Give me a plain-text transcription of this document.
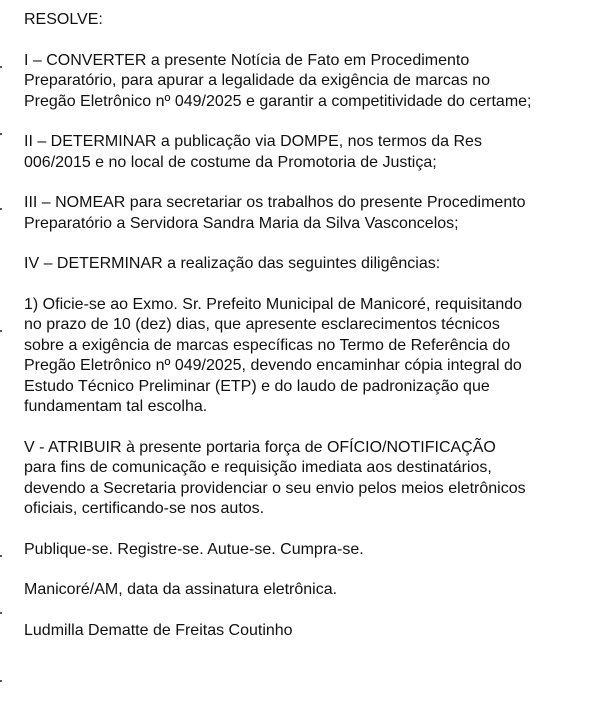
RESOLVE:

I – CONVERTER a presente Notícia de Fato em Procedimento

Preparatório, para apurar a legalidade da exigência de marcas no

Pregão Eletrônico nº 049/2025 e garantir a competitividade do certame;

II – DETERMINAR a publicação via DOMPE, nos termos da Res

006/2015 e no local de costume da Promotoria de Justiça;

III – NOMEAR para secretariar os trabalhos do presente Procedimento

Preparatório a Servidora Sandra Maria da Silva Vasconcelos;

IV – DETERMINAR a realização das seguintes diligências:

1) Oficie-se ao Exmo. Sr. Prefeito Municipal de Manicoré, requisitando

no prazo de 10 (dez) dias, que apresente esclarecimentos técnicos

sobre a exigência de marcas específicas no Termo de Referência do

Pregão Eletrônico nº 049/2025, devendo encaminhar cópia integral do

Estudo Técnico Preliminar (ETP) e do laudo de padronização que

fundamentam tal escolha.

V - ATRIBUIR à presente portaria força de OFÍCIO/NOTIFICAÇÃO

para fins de comunicação e requisição imediata aos destinatários,

devendo a Secretaria providenciar o seu envio pelos meios eletrônicos

oficiais, certificando-se nos autos.

Publique-se. Registre-se. Autue-se. Cumpra-se.

Manicoré/AM, data da assinatura eletrônica.

Ludmilla Dematte de Freitas Coutinho
